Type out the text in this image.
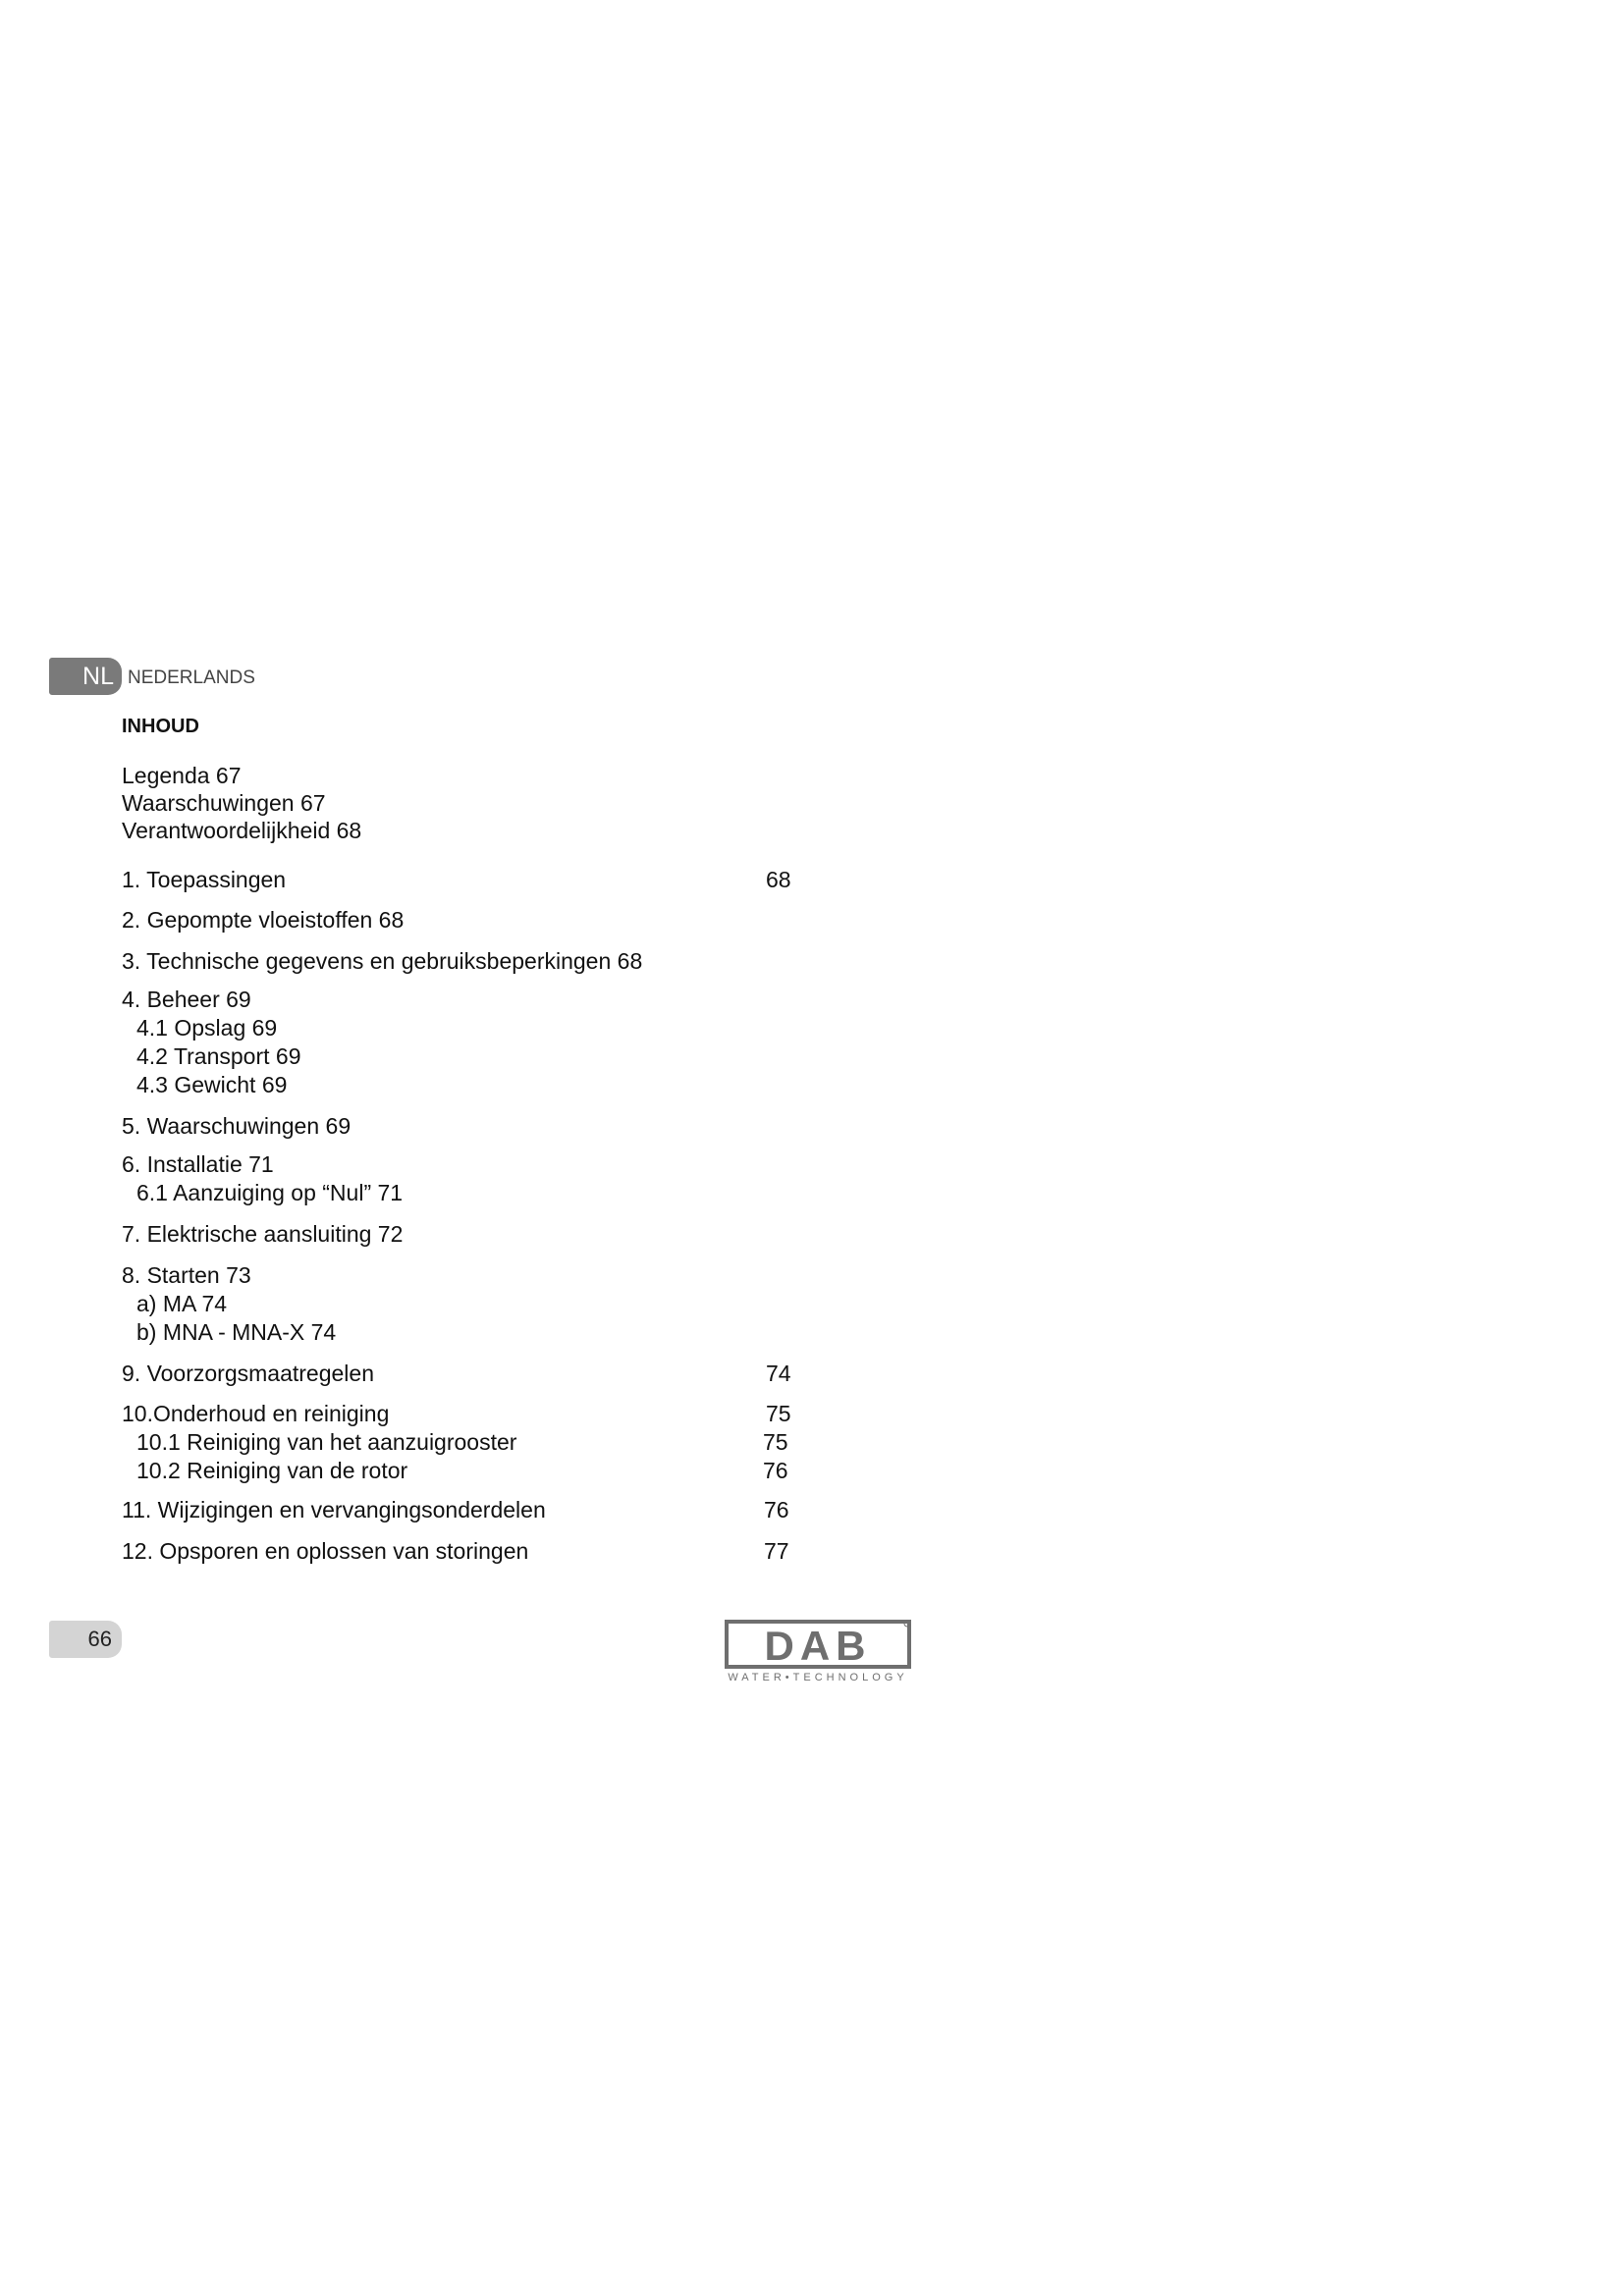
NL NEDERLANDS
INHOUD
Legenda 67
Waarschuwingen 67
Verantwoordelijkheid 68
1. Toepassingen	68
2. Gepompte vloeistoffen 68
3. Technische gegevens en gebruiksbeperkingen 68
4. Beheer 69
4.1 Opslag 69
4.2 Transport 69
4.3 Gewicht 69
5. Waarschuwingen 69
6. Installatie 71
6.1 Aanzuiging op “Nul” 71
7. Elektrische aansluiting 72
8. Starten 73
a) MA 74
b) MNA - MNA-X 74
9. Voorzorgsmaatregelen	74
10.Onderhoud en reiniging	75
10.1 Reiniging van het aanzuigrooster	75
10.2 Reiniging van de rotor	76
11. Wijzigingen en vervangingsonderdelen	76
12. Opsporen en oplossen van storingen	77
66	DAB
WATER•TECHNOLOGY
